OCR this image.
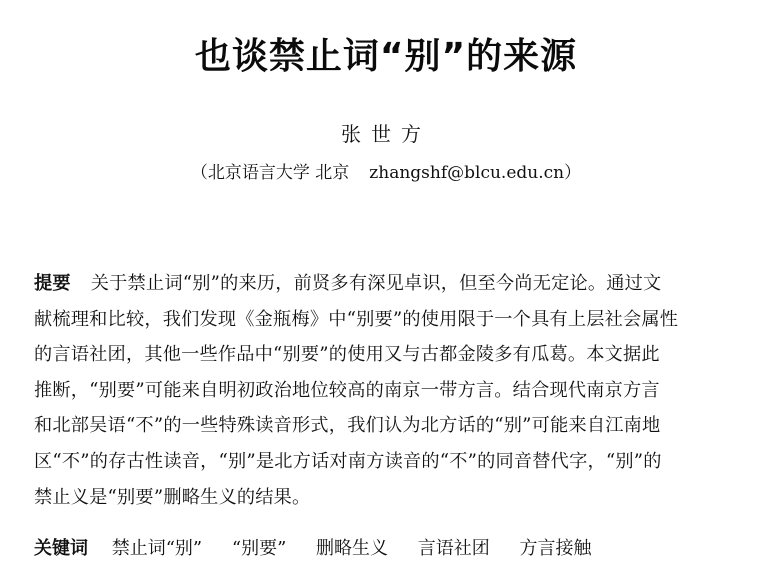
也谈禁止词“别”的来源
张世方
（北京语言大学 北京 zhangshf@blcu.edu.cn）

提要 关于禁止词“别”的来历，前贤多有深见卓识，但至今尚无定论。通过文

献梳理和比较，我们发现《金瓶梅》中“别要”的使用限于一个具有上层社会属性

的言语社团，其他一些作品中“别要”的使用又与古都金陵多有瓜葛。本文据此

推断，“别要”可能来自明初政治地位较高的南京一带方言。结合现代南京方言

和北部吴语“不”的一些特殊读音形式，我们认为北方话的“别”可能来自江南地

区“不”的存古性读音，“别”是北方话对南方读音的“不”的同音替代字，“别”的

禁止义是“别要”删略生义的结果。

关键词 禁止词“别” “别要” 删略生义 言语社团 方言接触
